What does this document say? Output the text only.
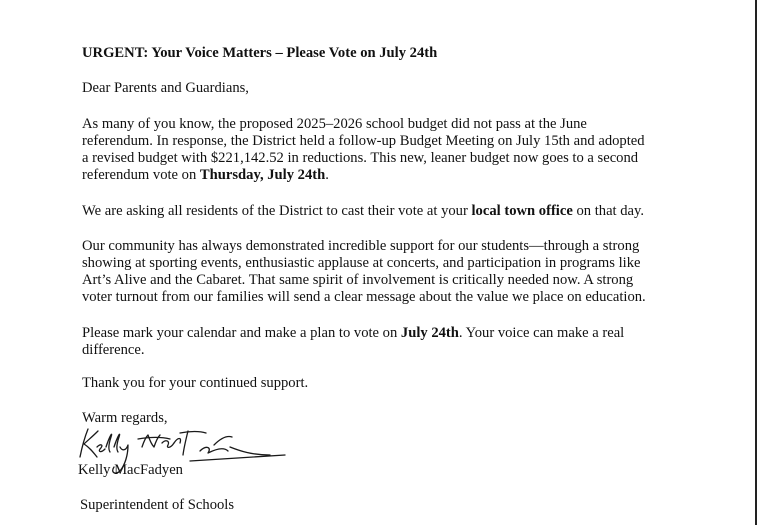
URGENT: Your Voice Matters – Please Vote on July 24th
Dear Parents and Guardians,
As many of you know, the proposed 2025–2026 school budget did not pass at the June
referendum. In response, the District held a follow-up Budget Meeting on July 15th and adopted
a revised budget with $221,142.52 in reductions. This new, leaner budget now goes to a second
referendum vote on Thursday, July 24th.
We are asking all residents of the District to cast their vote at your local town office on that day.
Our community has always demonstrated incredible support for our students—through a strong
showing at sporting events, enthusiastic applause at concerts, and participation in programs like
Art’s Alive and the Cabaret. That same spirit of involvement is critically needed now. A strong
voter turnout from our families will send a clear message about the value we place on education.
Please mark your calendar and make a plan to vote on July 24th. Your voice can make a real
difference.
Thank you for your continued support.
Warm regards,
Kelly MacFadyen
Superintendent of Schools
